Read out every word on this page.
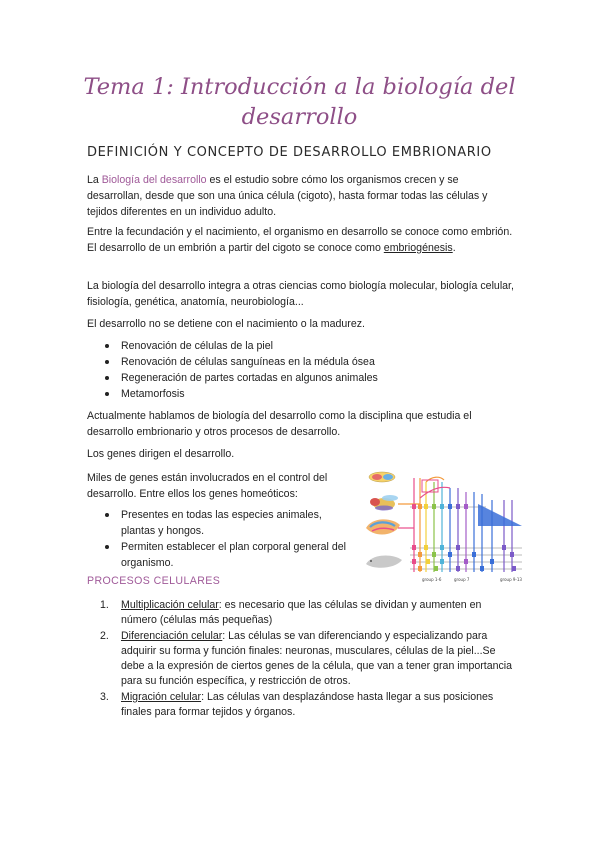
Tema 1: Introducción a la biología del desarrollo
DEFINICIÓN Y CONCEPTO DE DESARROLLO EMBRIONARIO

La Biología del desarrollo es el estudio sobre cómo los organismos crecen y se desarrollan, desde que son una única célula (cigoto), hasta formar todas las células y tejidos diferentes en un individuo adulto.

Entre la fecundación y el nacimiento, el organismo en desarrollo se conoce como embrión. El desarrollo de un embrión a partir del cigoto se conoce como embriogénesis.

La biología del desarrollo integra a otras ciencias como biología molecular, biología celular, fisiología, genética, anatomía, neurobiología...

El desarrollo no se detiene con el nacimiento o la madurez.

Renovación de células de la piel
Renovación de células sanguíneas en la médula ósea
Regeneración de partes cortadas en algunos animales
Metamorfosis

Actualmente hablamos de biología del desarrollo como la disciplina que estudia el desarrollo embrionario y otros procesos de desarrollo.

Los genes dirigen el desarrollo.

Miles de genes están involucrados en el control del desarrollo. Entre ellos los genes homeóticos:

Presentes en todas las especies animales, plantas y hongos.
Permiten establecer el plan corporal general del organismo.
group 1-6	group 7	group 9-13
PROCESOS CELULARES
1. Multiplicación celular: es necesario que las células se dividan y aumenten en número (células más pequeñas)
2. Diferenciación celular: Las células se van diferenciando y especializando para adquirir su forma y función finales: neuronas, musculares, células de la piel...Se debe a la expresión de ciertos genes de la célula, que van a tener gran importancia para su función específica, y restricción de otros.
3. Migración celular: Las células van desplazándose hasta llegar a sus posiciones finales para formar tejidos y órganos.
